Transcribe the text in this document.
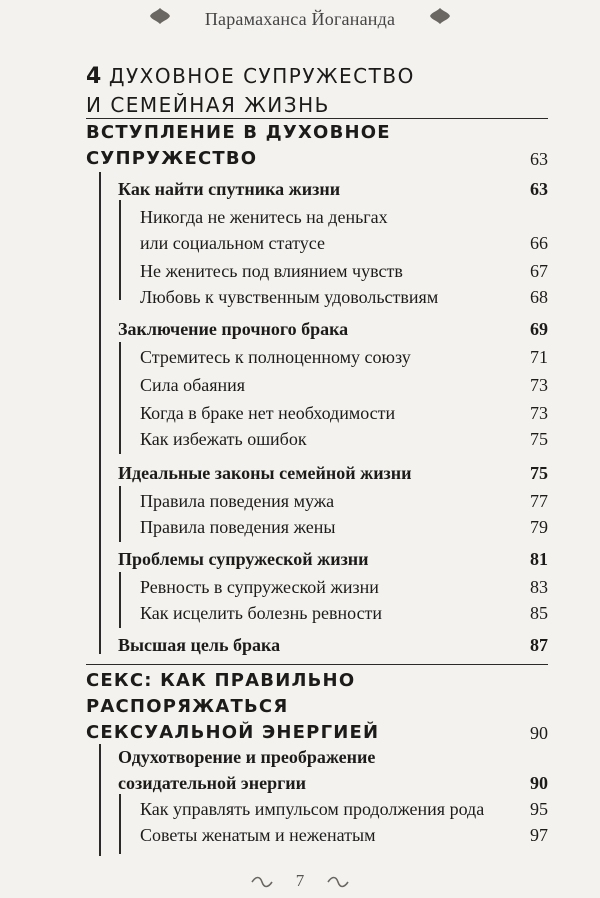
Парамаханса Йогананда
4 ДУХОВНОЕ СУПРУЖЕСТВО
И СЕМЕЙНАЯ ЖИЗНЬ
ВСТУПЛЕНИЕ В ДУХОВНОЕ
СУПРУЖЕСТВО	63
Как найти спутника жизни	63
Никогда не женитесь на деньгах
или социальном статусе	66
Не женитесь под влиянием чувств	67
Любовь к чувственным удовольствиям	68
Заключение прочного брака	69
Стремитесь к полноценному союзу	71
Сила обаяния	73
Когда в браке нет необходимости	73
Как избежать ошибок	75
Идеальные законы семейной жизни	75
Правила поведения мужа	77
Правила поведения жены	79
Проблемы супружеской жизни	81
Ревность в супружеской жизни	83
Как исцелить болезнь ревности	85
Высшая цель брака	87
СЕКС: КАК ПРАВИЛЬНО
РАСПОРЯЖАТЬСЯ
СЕКСУАЛЬНОЙ ЭНЕРГИЕЙ	90
Одухотворение и преображение
созидательной энергии	90
Как управлять импульсом продолжения рода	95
Советы женатым и неженатым	97
7
